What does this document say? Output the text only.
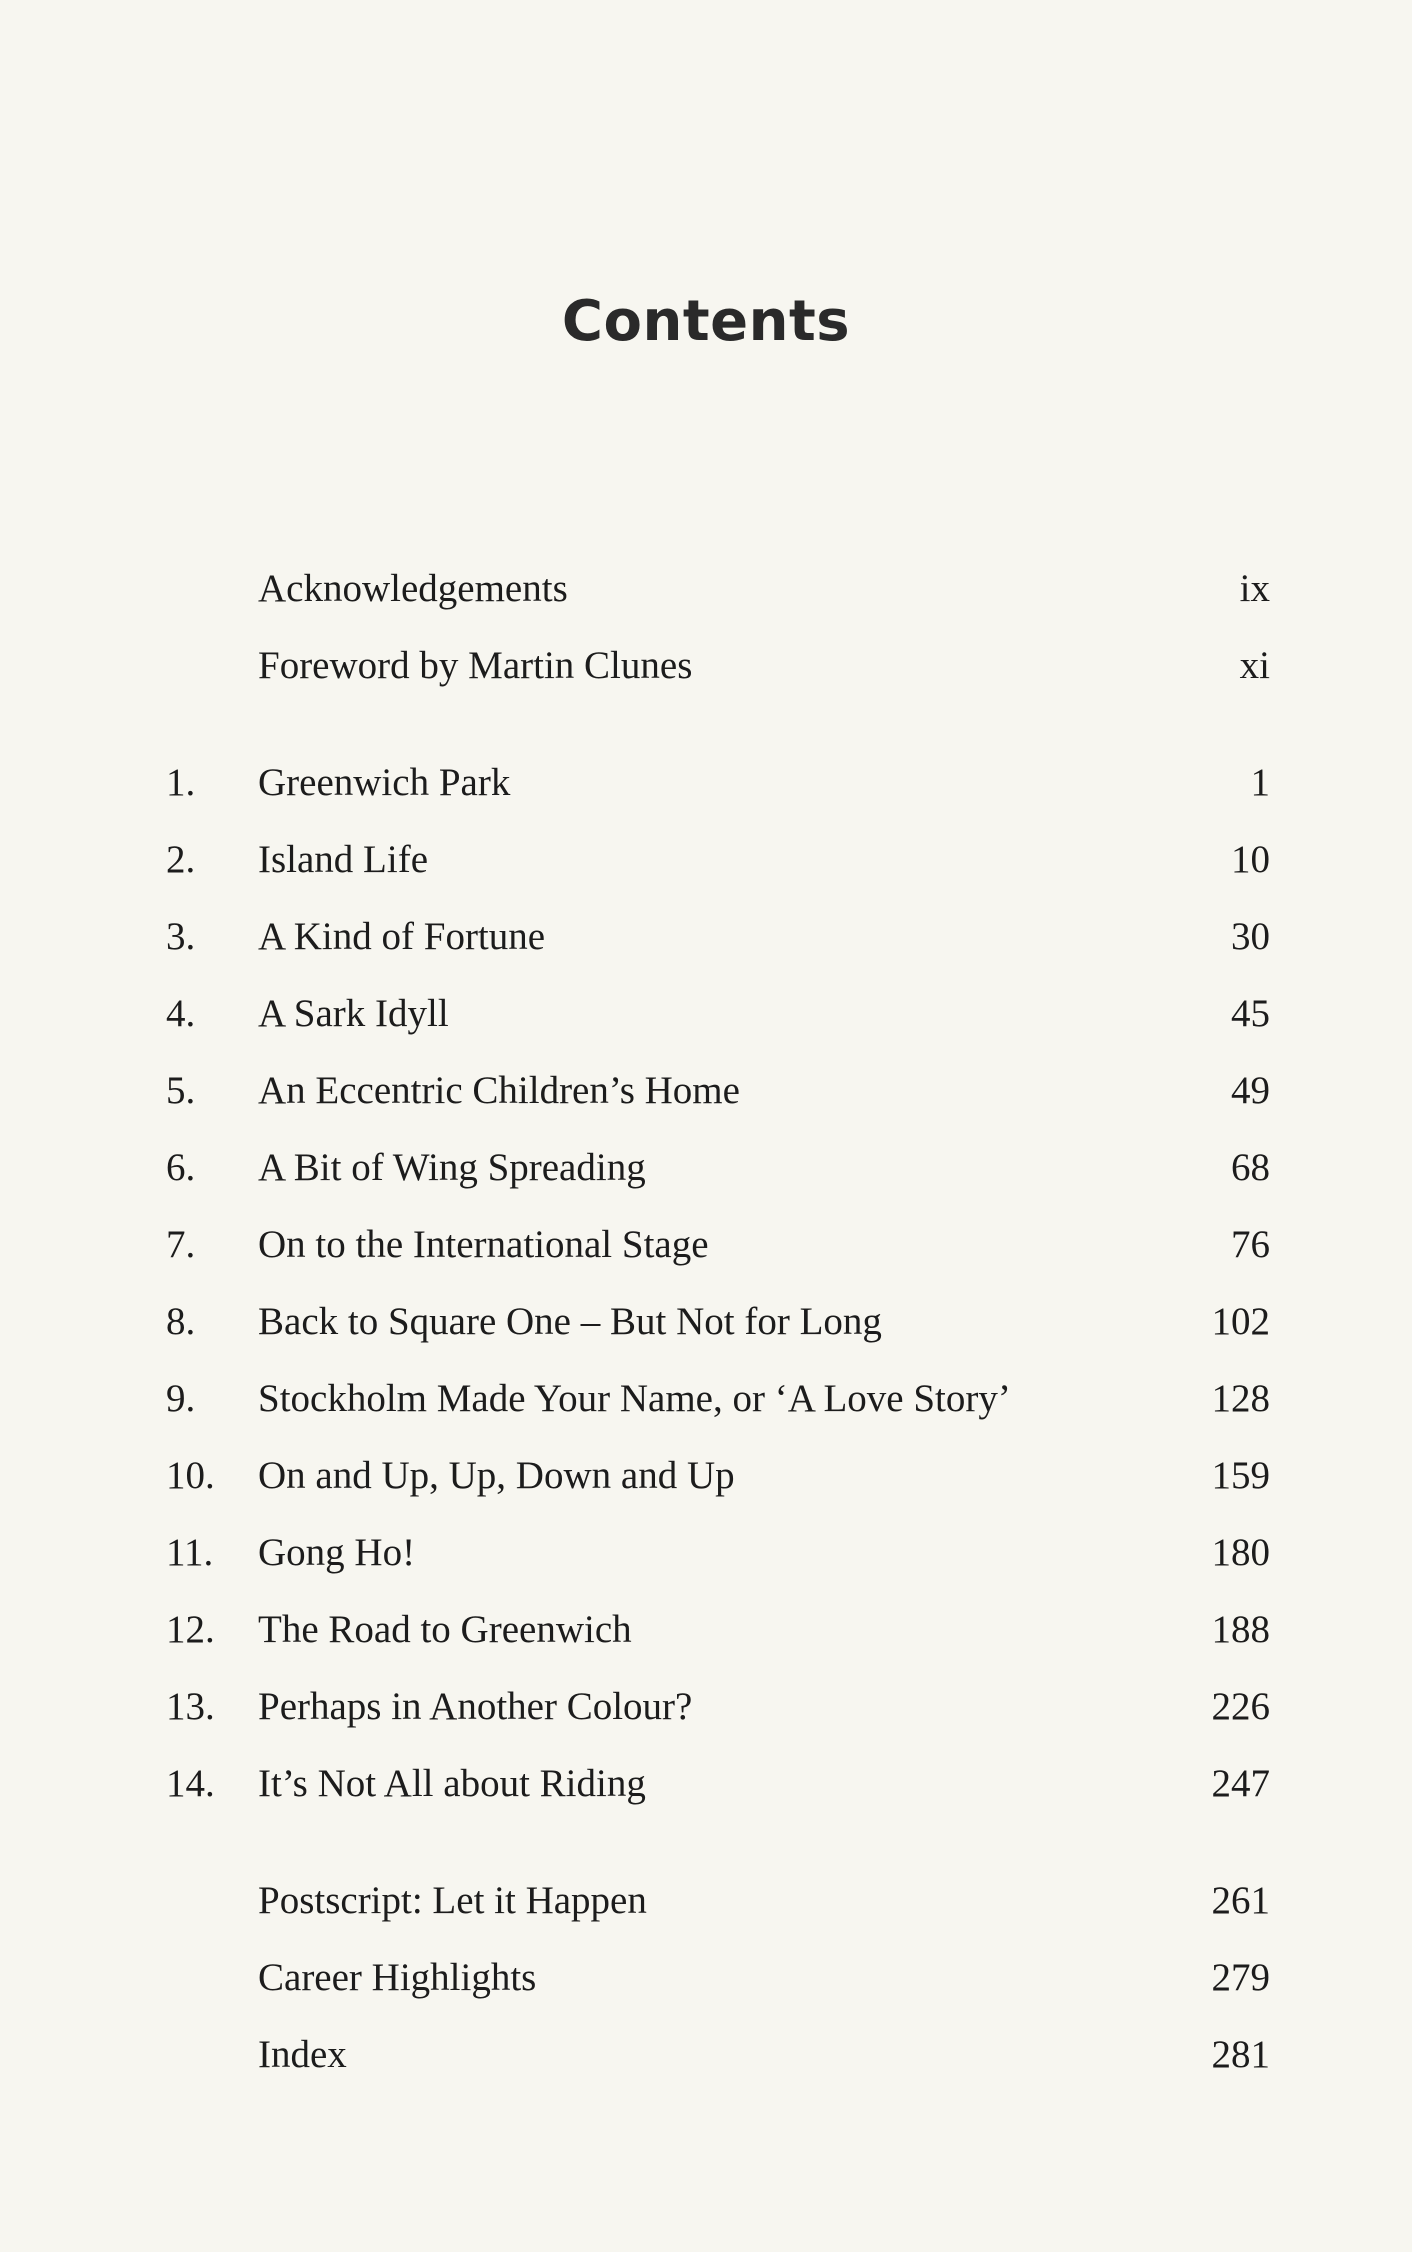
Contents
Acknowledgements	ix
Foreword by Martin Clunes	xi
1. Greenwich Park	1
2. Island Life	10
3. A Kind of Fortune	30
4. A Sark Idyll	45
5. An Eccentric Children’s Home	49
6. A Bit of Wing Spreading	68
7. On to the International Stage	76
8. Back to Square One – But Not for Long	102
9. Stockholm Made Your Name, or ‘A Love Story’	128
10. On and Up, Up, Down and Up	159
11. Gong Ho!	180
12. The Road to Greenwich	188
13. Perhaps in Another Colour?	226
14. It’s Not All about Riding	247
Postscript: Let it Happen	261
Career Highlights	279
Index	281
